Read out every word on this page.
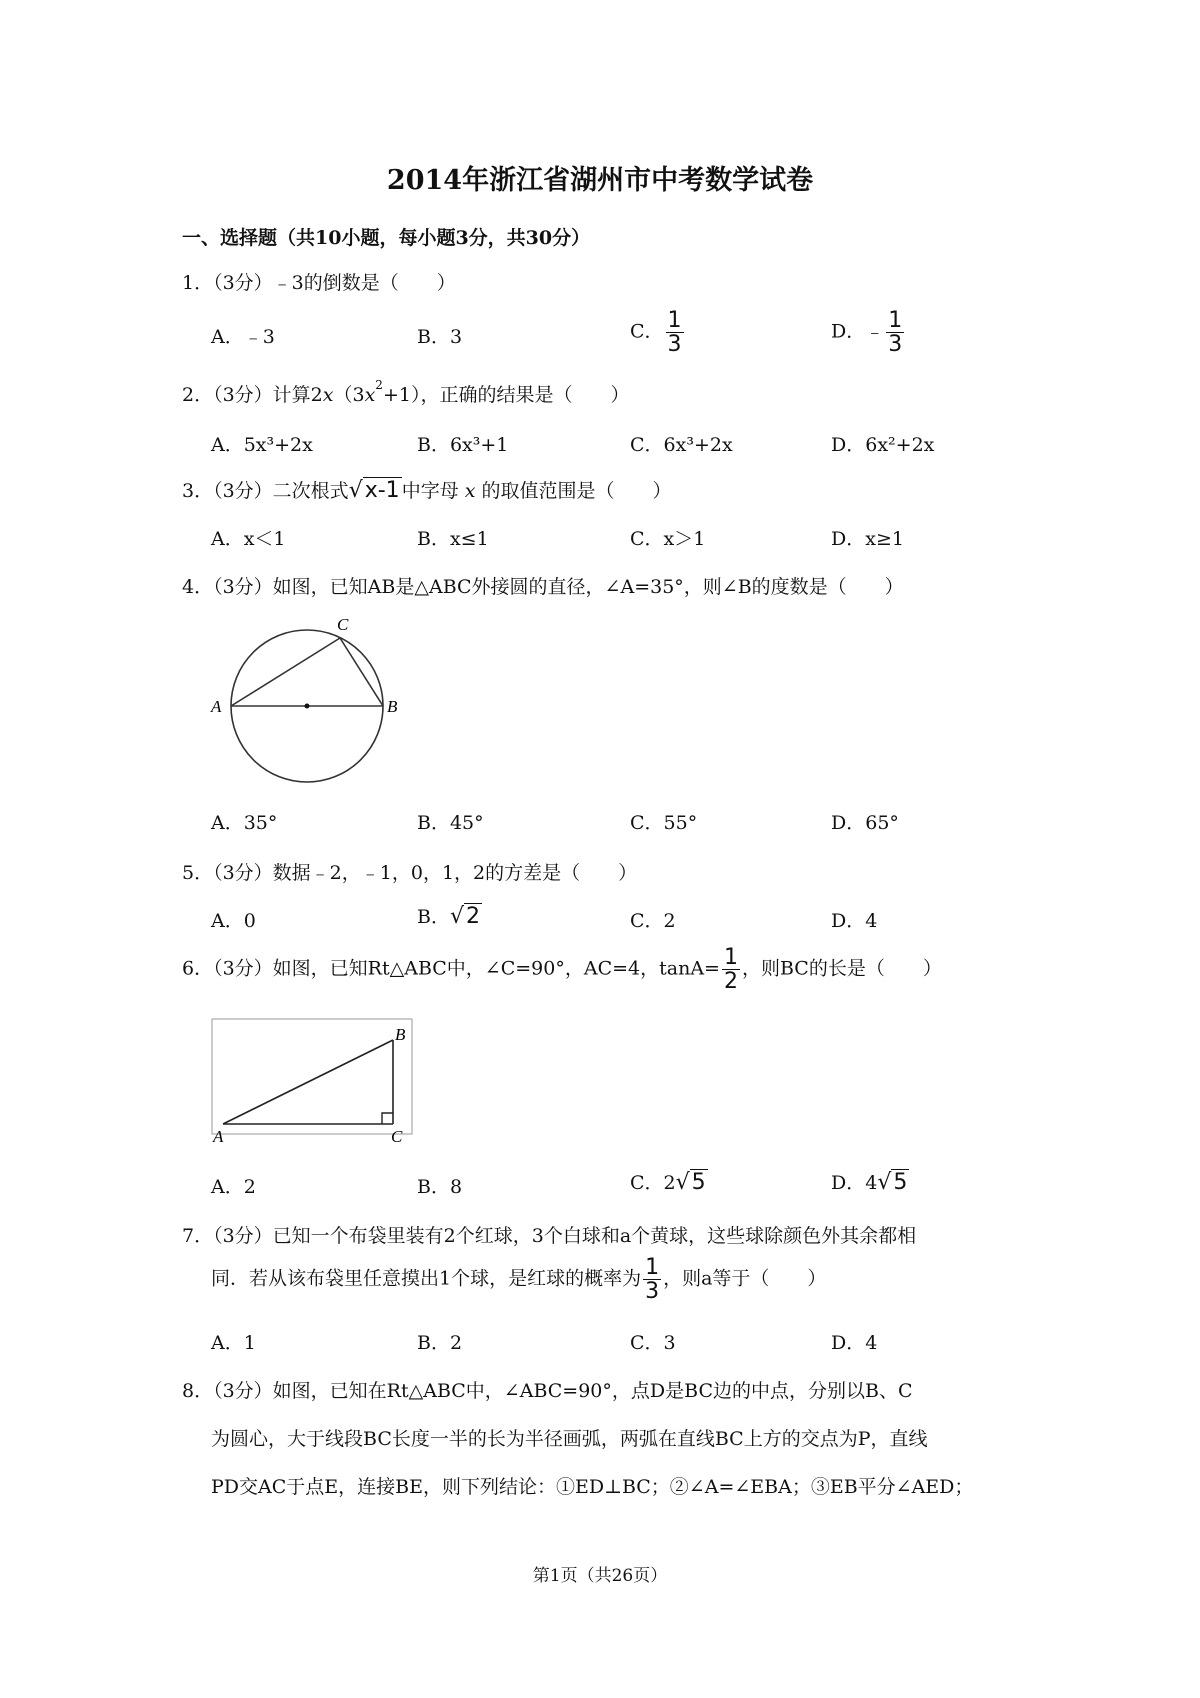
2014年浙江省湖州市中考数学试卷
一、选择题（共10小题，每小题3分，共30分）
1．（3分）﹣3的倒数是（　　）
A．﹣3	B．3	C． $\frac{1}{3}$	D．﹣ $\frac{1}{3}$
2．（3分）计算$2x(3x^2+1)$，正确的结果是（　　）
A．5x³+2x	B．6x³+1	C．6x³+2x	D．6x²+2x
3．（3分）二次根式√x-1 中字母 x 的取值范围是（　　）
A．x＜1	B．x≤1	C．x＞1	D．x≥1
4．（3分）如图，已知AB是△ABC外接圆的直径，∠A=35°，则∠B的度数是（　　）
A	B
C
A．35°	B．45°	C．55°	D．65°
5．（3分）数据﹣2，﹣1，0，1，2的方差是（　　）
A．0	B．√2	C．2	D．4
6．（3分）如图，已知Rt△ABC中，∠C=90°，AC=4，$\tan A= \frac{1}{2}$ ，则BC的长是（　　）
A
B
C
A．2	B．8	C．2√5	D．4√5
7．（3分）已知一个布袋里装有2个红球，3个白球和a个黄球，这些球除颜色外其余都相
同．若从该布袋里任意摸出1个球，是红球的概率为 $\frac{1}{3}$ ，则a等于（　　）
A．1	B．2	C．3	D．4
8．（3分）如图，已知在Rt△ABC中，∠ABC=90°，点D是BC边的中点，分别以B、C
为圆心，大于线段BC长度一半的长为半径画弧，两弧在直线BC上方的交点为P，直线
PD交AC于点E，连接BE，则下列结论：①ED⊥BC；②∠A=∠EBA；③EB平分∠AED；
第1页（共26页）
